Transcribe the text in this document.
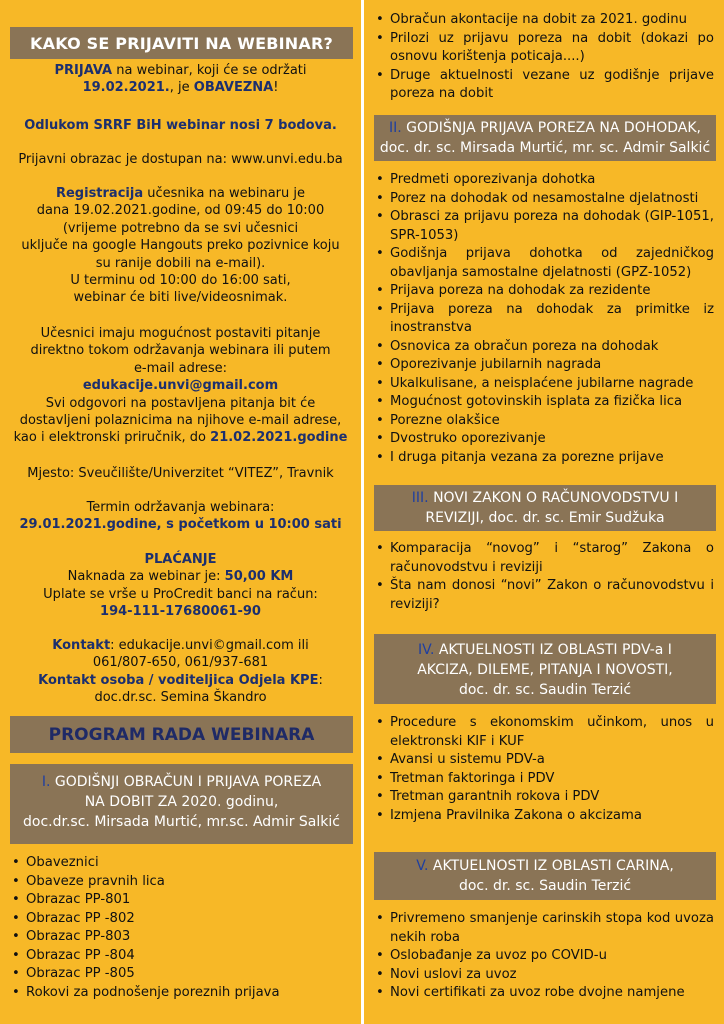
KAKO SE PRIJAVITI NA WEBINAR?
PRIJAVA na webinar, koji će se održati
19.02.2021., je OBAVEZNA!
Odlukom SRRF BiH webinar nosi 7 bodova.
Prijavni obrazac je dostupan na: www.unvi.edu.ba
Registracija učesnika na webinaru je
dana 19.02.2021.godine, od 09:45 do 10:00
(vrijeme potrebno da se svi učesnici
uključe na google Hangouts preko pozivnice koju
su ranije dobili na e-mail).
U terminu od 10:00 do 16:00 sati,
webinar će biti live/videosnimak.
Učesnici imaju mogućnost postaviti pitanje
direktno tokom održavanja webinara ili putem
e-mail adrese:
edukacije.unvi@gmail.com
Svi odgovori na postavljena pitanja bit će
dostavljeni polaznicima na njihove e-mail adrese,
kao i elektronski priručnik, do 21.02.2021.godine
Mjesto: Sveučilište/Univerzitet “VITEZ”, Travnik
Termin održavanja webinara:
29.01.2021.godine, s početkom u 10:00 sati
PLAĆANJE
Naknada za webinar je: 50,00 KM
Uplate se vrše u ProCredit banci na račun:
194-111-17680061-90
Kontakt: edukacije.unvi©gmail.com ili
061/807-650, 061/937-681
Kontakt osoba / voditeljica Odjela KPE:
doc.dr.sc. Semina Škandro
PROGRAM RADA WEBINARA
I. GODIŠNJI OBRAČUN I PRIJAVA POREZA
NA DOBIT ZA 2020. godinu,
doc.dr.sc. Mirsada Murtić, mr.sc. Admir Salkić
• Obaveznici
• Obaveze pravnih lica
• Obrazac PP-801
• Obrazac PP -802
• Obrazac PP-803
• Obrazac PP -804
• Obrazac PP -805
• Rokovi za podnošenje poreznih prijava
• Obračun akontacije na dobit za 2021. godinu
• Prilozi uz prijavu poreza na dobit (dokazi po osnovu korištenja poticaja....)
• Druge aktuelnosti vezane uz godišnje prijave poreza na dobit
II. GODIŠNJA PRIJAVA POREZA NA DOHODAK,
doc. dr. sc. Mirsada Murtić, mr. sc. Admir Salkić
• Predmeti oporezivanja dohotka
• Porez na dohodak od nesamostalne djelatnosti
• Obrasci za prijavu poreza na dohodak (GIP-1051, SPR-1053)
• Godišnja prijava dohotka od zajedničkog obavljanja samostalne djelatnosti (GPZ-1052)
• Prijava poreza na dohodak za rezidente
• Prijava poreza na dohodak za primitke iz inostranstva
• Osnovica za obračun poreza na dohodak
• Oporezivanje jubilarnih nagrada
• Ukalkulisane, a neisplaćene jubilarne nagrade
• Mogućnost gotovinskih isplata za fizička lica
• Porezne olakšice
• Dvostruko oporezivanje
• I druga pitanja vezana za porezne prijave
III. NOVI ZAKON O RAČUNOVODSTVU I
REVIZIJI, doc. dr. sc. Emir Sudžuka
• Komparacija “novog” i “starog” Zakona o računovodstvu i reviziji
• Šta nam donosi “novi” Zakon o računovodstvu i reviziji?
IV. AKTUELNOSTI IZ OBLASTI PDV-a I
AKCIZA, DILEME, PITANJA I NOVOSTI,
doc. dr. sc. Saudin Terzić
• Procedure s ekonomskim učinkom, unos u elektronski KIF i KUF
• Avansi u sistemu PDV-a
• Tretman faktoringa i PDV
• Tretman garantnih rokova i PDV
• Izmjena Pravilnika Zakona o akcizama
V. AKTUELNOSTI IZ OBLASTI CARINA,
doc. dr. sc. Saudin Terzić
• Privremeno smanjenje carinskih stopa kod uvoza nekih roba
• Oslobađanje za uvoz po COVID-u
• Novi uslovi za uvoz
• Novi certifikati za uvoz robe dvojne namjene
